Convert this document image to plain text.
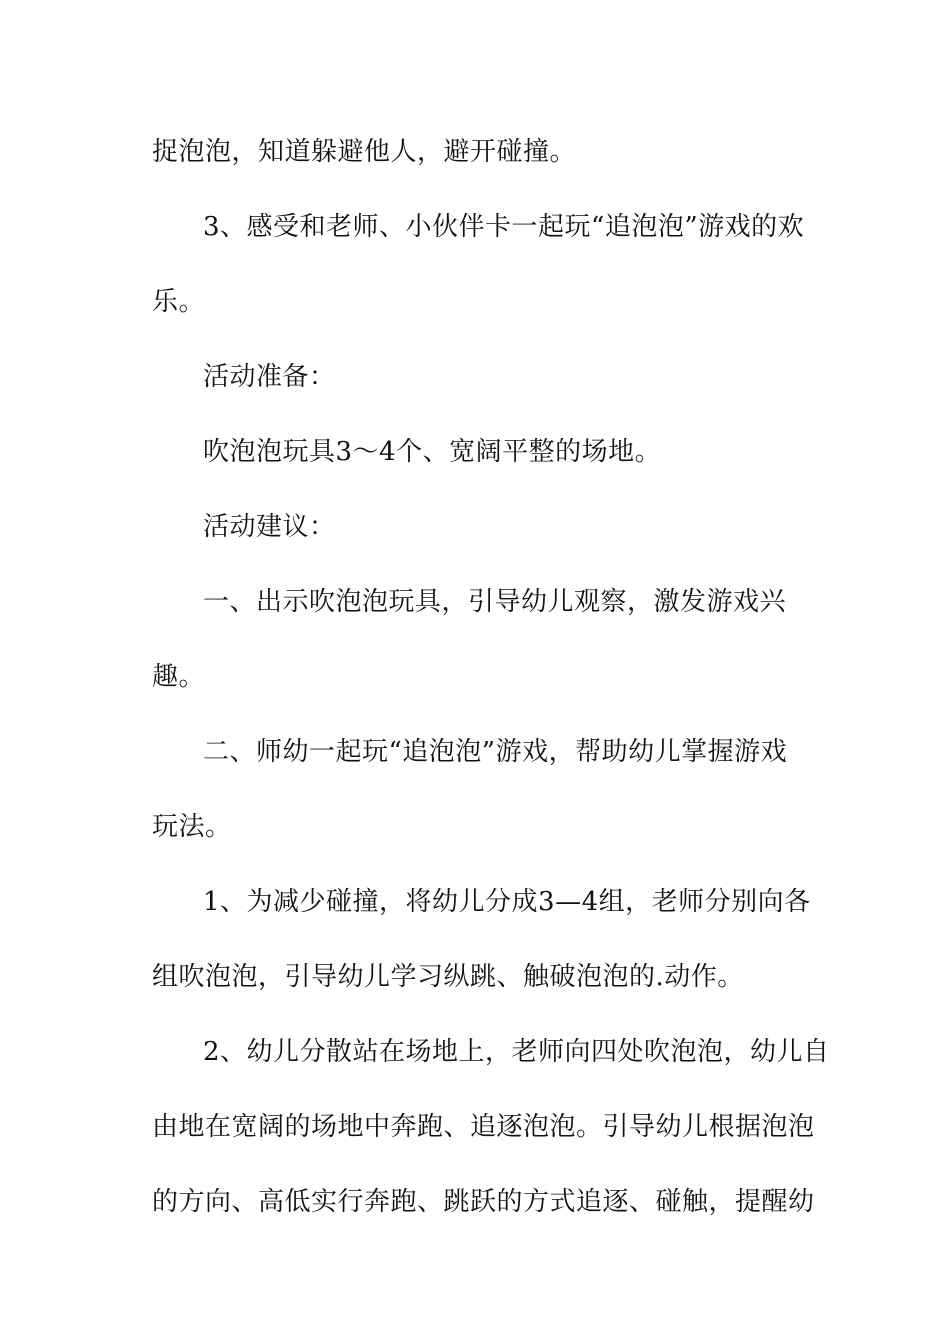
捉泡泡，知道躲避他人，避开碰撞。
3、感受和老师、小伙伴卡一起玩“追泡泡”游戏的欢
乐。
活动准备：
吹泡泡玩具3～4个、宽阔平整的场地。
活动建议：
一、出示吹泡泡玩具，引导幼儿观察，激发游戏兴
趣。
二、师幼一起玩“追泡泡”游戏，帮助幼儿掌握游戏
玩法。
1、为减少碰撞，将幼儿分成3—4组，老师分别向各
组吹泡泡，引导幼儿学习纵跳、触破泡泡的.动作。
2、幼儿分散站在场地上，老师向四处吹泡泡，幼儿自
由地在宽阔的场地中奔跑、追逐泡泡。引导幼儿根据泡泡
的方向、高低实行奔跑、跳跃的方式追逐、碰触，提醒幼
